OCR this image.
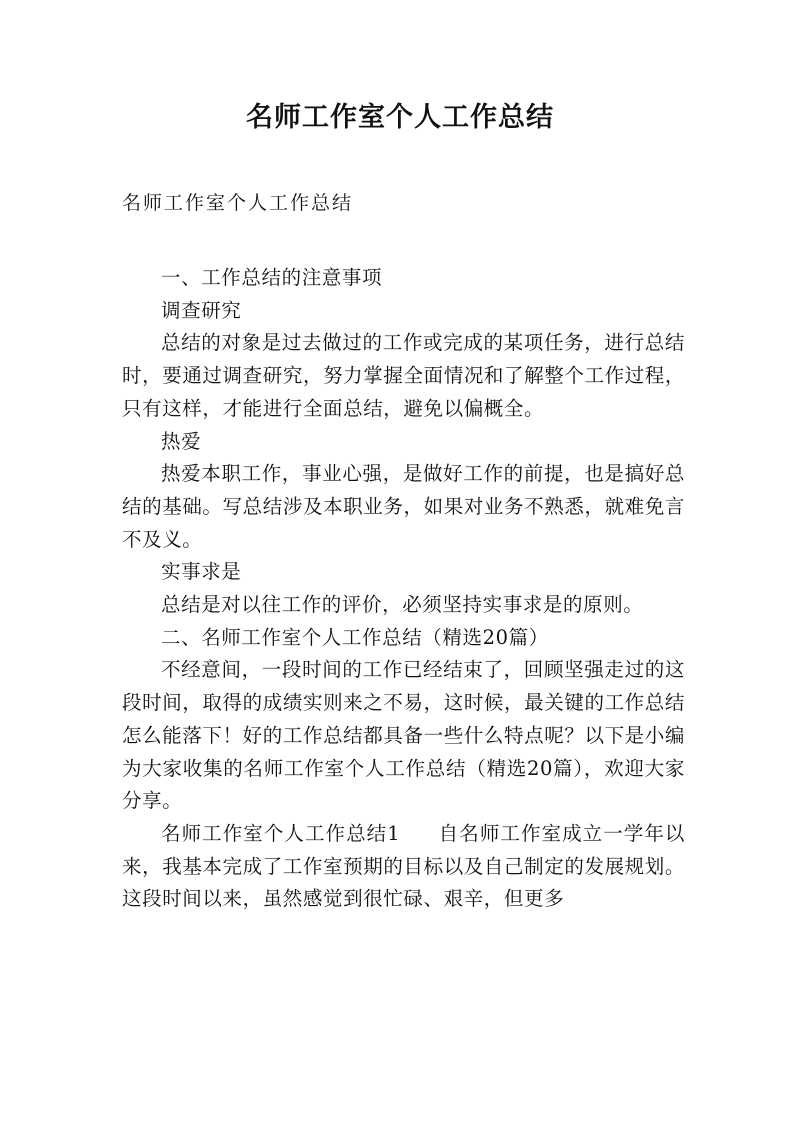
名师工作室个人工作总结
名师工作室个人工作总结

一、工作总结的注意事项

调查研究

总结的对象是过去做过的工作或完成的某项任务，进行总结时，要通过调查研究，努力掌握全面情况和了解整个工作过程，只有这样，才能进行全面总结，避免以偏概全。

热爱

热爱本职工作，事业心强，是做好工作的前提，也是搞好总结的基础。写总结涉及本职业务，如果对业务不熟悉，就难免言不及义。

实事求是

总结是对以往工作的评价，必须坚持实事求是的原则。

二、名师工作室个人工作总结（精选20篇）

不经意间，一段时间的工作已经结束了，回顾坚强走过的这段时间，取得的成绩实则来之不易，这时候，最关键的工作总结怎么能落下！好的工作总结都具备一些什么特点呢？以下是小编为大家收集的名师工作室个人工作总结（精选20篇），欢迎大家分享。

名师工作室个人工作总结1 自名师工作室成立一学年以来，我基本完成了工作室预期的目标以及自己制定的发展规划。这段时间以来，虽然感觉到很忙碌、艰辛，但更多
